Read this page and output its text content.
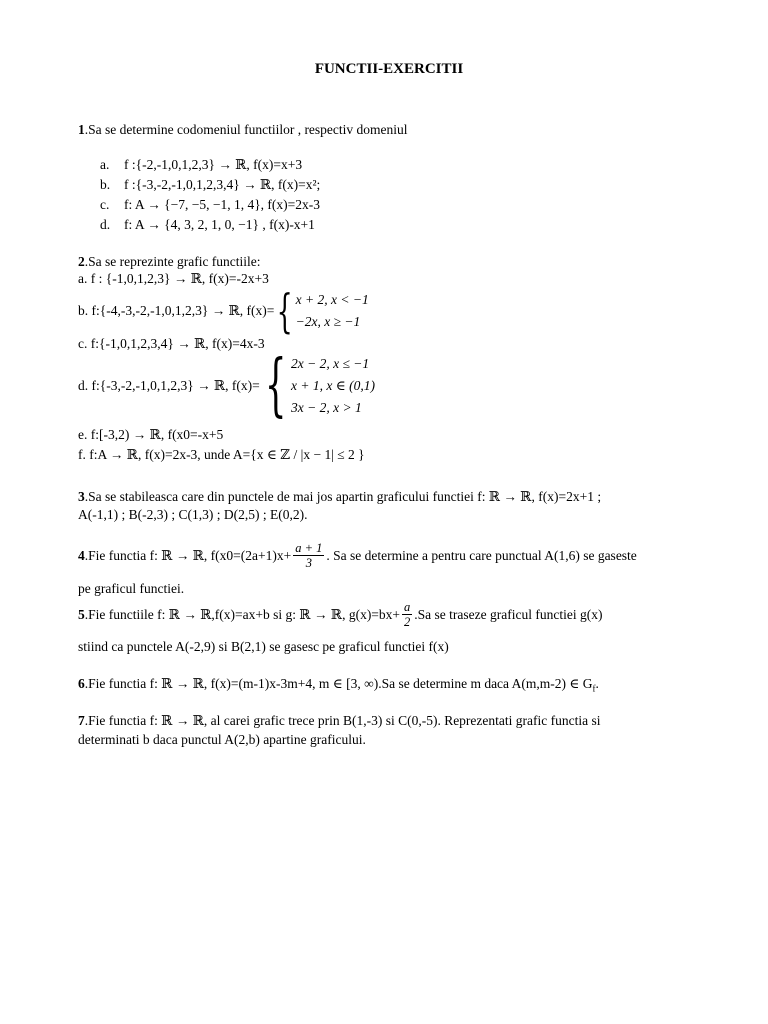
FUNCTII-EXERCITII
1.Sa se determine codomeniul functiilor , respectiv domeniul
a.	f :{-2,-1,0,1,2,3} → ℝ, f(x)=x+3
b.	f :{-3,-2,-1,0,1,2,3,4} → ℝ, f(x)=x²;
c.	f: A → {−7, −5, −1, 1, 4}, f(x)=2x-3
d.	f: A → {4, 3, 2, 1, 0, −1} , f(x)-x+1
2.Sa se reprezinte grafic functiile:
a. f : {-1,0,1,2,3} → ℝ, f(x)=-2x+3
b. f:{-4,-3,-2,-1,0,1,2,3} → ℝ, f(x)= { x + 2, x < −1
−2x, x ≥ −1
c. f:{-1,0,1,2,3,4} → ℝ, f(x)=4x-3
d. f:{-3,-2,-1,0,1,2,3} → ℝ, f(x)= { 2x − 2, x ≤ −1
x + 1, x ∈ (0,1)
3x − 2, x > 1
e. f:[-3,2) → ℝ, f(x0=-x+5
f. f:A → ℝ, f(x)=2x-3, unde A={x ∈ ℤ / |x − 1| ≤ 2 }
3.Sa se stabileasca care din punctele de mai jos apartin graficului functiei f: ℝ → ℝ, f(x)=2x+1 ;
A(-1,1) ; B(-2,3) ; C(1,3) ; D(2,5) ; E(0,2).
4 .Fie functia f: ℝ → ℝ, $f(x0=(2a+1)x+ \frac{a + 1}{3}$ . Sa se determine a pentru care punctual A(1,6) se gaseste
pe graficul functiei.
5 .Fie functiile f: ℝ → ℝ,f(x)=ax+b si g: ℝ → ℝ, $g(x)=bx+ \frac{a}{2} .Sa$ se traseze graficul functiei g(x)
stiind ca punctele A(-2,9) si B(2,1) se gasesc pe graficul functiei f(x)
6.Fie functia f: ℝ → ℝ, f(x)=(m-1)x-3m+4, m ∈ [3, ∞).Sa se determine m daca A(m,m-2) ∈ $G_f$.
7.Fie functia f: ℝ → ℝ, al carei grafic trece prin B(1,-3) si C(0,-5). Reprezentati grafic functia si
determinati b daca punctul A(2,b) apartine graficului.
